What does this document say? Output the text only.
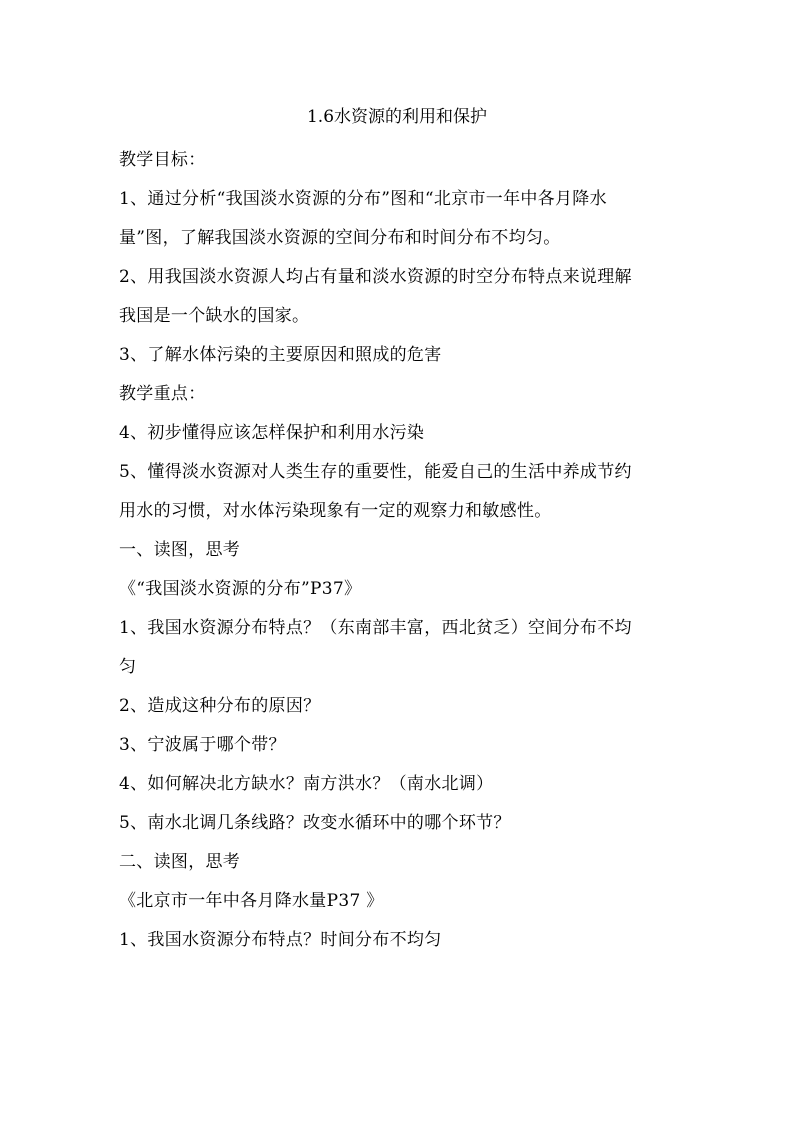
1.6水资源的利用和保护
教学目标：
1、通过分析“我国淡水资源的分布”图和“北京市一年中各月降水
量”图，了解我国淡水资源的空间分布和时间分布不均匀。
2、用我国淡水资源人均占有量和淡水资源的时空分布特点来说理解
我国是一个缺水的国家。
3、了解水体污染的主要原因和照成的危害
教学重点：
4、初步懂得应该怎样保护和利用水污染
5、懂得淡水资源对人类生存的重要性，能爱自己的生活中养成节约
用水的习惯，对水体污染现象有一定的观察力和敏感性。
一、读图，思考
《“我国淡水资源的分布”P37》
1、我国水资源分布特点？（东南部丰富，西北贫乏）空间分布不均
匀
2、造成这种分布的原因？
3、宁波属于哪个带？
4、如何解决北方缺水？南方洪水？（南水北调）
5、南水北调几条线路？改变水循环中的哪个环节？
二、读图，思考
《北京市一年中各月降水量P37 》
1、我国水资源分布特点？时间分布不均匀
